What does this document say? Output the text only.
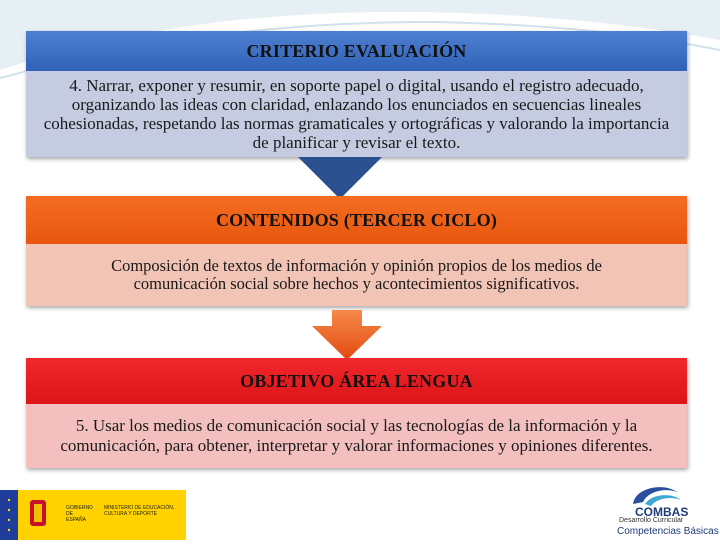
CRITERIO EVALUACIÓN
4. Narrar, exponer y resumir, en soporte papel o digital, usando el registro adecuado, organizando las ideas con claridad, enlazando los enunciados en secuencias lineales cohesionadas, respetando las normas gramaticales y ortográficas y valorando la importancia de planificar y revisar el texto.
CONTENIDOS (TERCER CICLO)
Composición de textos de información y opinión propios de los medios de comunicación social sobre hechos y acontecimientos significativos.
OBJETIVO ÁREA LENGUA
5. Usar los medios de comunicación social y las tecnologías de la información y la comunicación, para obtener, interpretar y valorar informaciones y opiniones diferentes.
GOBIERNO DE ESPAÑA
MINISTERIO DE EDUCACIÓN, CULTURA Y DEPORTE	COMBAS
Desarrollo Curricular
Competencias Básicas
